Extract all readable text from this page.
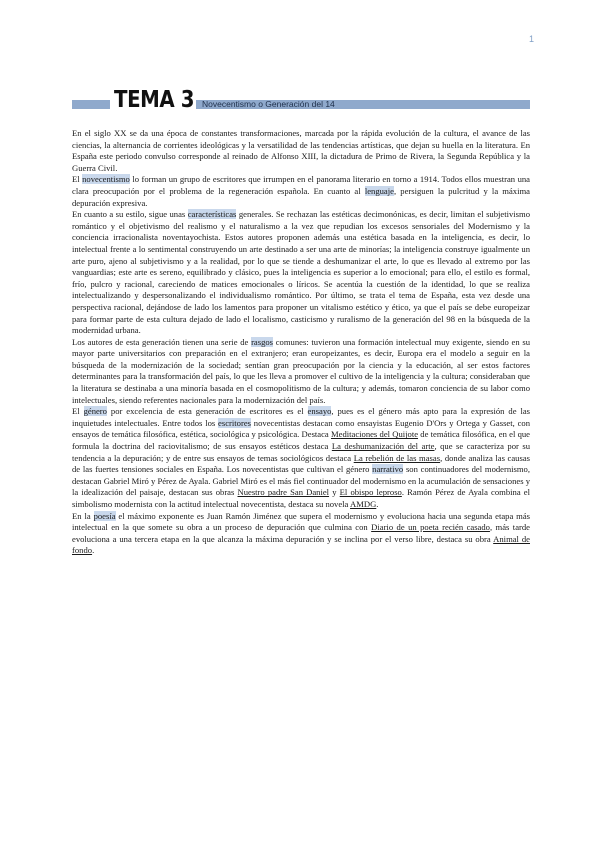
1
TEMA 3 Novecentismo o Generación del 14

En el siglo XX se da una época de constantes transformaciones, marcada por la rápida evolución de la cultura, el avance de las ciencias, la alternancia de corrientes ideológicas y la versatilidad de las tendencias artísticas, que dejan su huella en la literatura. En España este periodo convulso corresponde al reinado de Alfonso XIII, la dictadura de Primo de Rivera, la Segunda República y la Guerra Civil.

El novecentismo lo forman un grupo de escritores que irrumpen en el panorama literario en torno a 1914. Todos ellos muestran una clara preocupación por el problema de la regeneración española. En cuanto al lenguaje, persiguen la pulcritud y la máxima depuración expresiva.

En cuanto a su estilo, sigue unas características generales. Se rechazan las estéticas decimonónicas, es decir, limitan el subjetivismo romántico y el objetivismo del realismo y el naturalismo a la vez que repudian los excesos sensoriales del Modernismo y la conciencia irracionalista noventayochista. Estos autores proponen además una estética basada en la inteligencia, es decir, lo intelectual frente a lo sentimental construyendo un arte destinado a ser una arte de minorías; la inteligencia construye igualmente un arte puro, ajeno al subjetivismo y a la realidad, por lo que se tiende a deshumanizar el arte, lo que es llevado al extremo por las vanguardias; este arte es sereno, equilibrado y clásico, pues la inteligencia es superior a lo emocional; para ello, el estilo es formal, frío, pulcro y racional, careciendo de matices emocionales o líricos. Se acentúa la cuestión de la identidad, lo que se realiza intelectualizando y despersonalizando el individualismo romántico. Por último, se trata el tema de España, esta vez desde una perspectiva racional, dejándose de lado los lamentos para proponer un vitalismo estético y ético, ya que el país se debe europeizar para formar parte de esta cultura dejado de lado el localismo, casticismo y ruralismo de la generación del 98 en la búsqueda de la modernidad urbana.

Los autores de esta generación tienen una serie de rasgos comunes: tuvieron una formación intelectual muy exigente, siendo en su mayor parte universitarios con preparación en el extranjero; eran europeizantes, es decir, Europa era el modelo a seguir en la búsqueda de la modernización de la sociedad; sentían gran preocupación por la ciencia y la educación, al ser estos factores determinantes para la transformación del país, lo que les lleva a promover el cultivo de la inteligencia y la cultura; consideraban que la literatura se destinaba a una minoría basada en el cosmopolitismo de la cultura; y además, tomaron conciencia de su labor como intelectuales, siendo referentes nacionales para la modernización del país.

El género por excelencia de esta generación de escritores es el ensayo, pues es el género más apto para la expresión de las inquietudes intelectuales. Entre todos los escritores novecentistas destacan como ensayistas Eugenio D'Ors y Ortega y Gasset, con ensayos de temática filosófica, estética, sociológica y psicológica. Destaca Meditaciones del Quijote de temática filosófica, en el que formula la doctrina del raciovitalismo; de sus ensayos estéticos destaca La deshumanización del arte, que se caracteriza por su tendencia a la depuración; y de entre sus ensayos de temas sociológicos destaca La rebelión de las masas, donde analiza las causas de las fuertes tensiones sociales en España. Los novecentistas que cultivan el género narrativo son continuadores del modernismo, destacan Gabriel Miró y Pérez de Ayala. Gabriel Miró es el más fiel continuador del modernismo en la acumulación de sensaciones y la idealización del paisaje, destacan sus obras Nuestro padre San Daniel y El obispo leproso. Ramón Pérez de Ayala combina el simbolismo modernista con la actitud intelectual novecentista, destaca su novela AMDG.

En la poesía el máximo exponente es Juan Ramón Jiménez que supera el modernismo y evoluciona hacia una segunda etapa más intelectual en la que somete su obra a un proceso de depuración que culmina con Diario de un poeta recién casado, más tarde evoluciona a una tercera etapa en la que alcanza la máxima depuración y se inclina por el verso libre, destaca su obra Animal de fondo.
